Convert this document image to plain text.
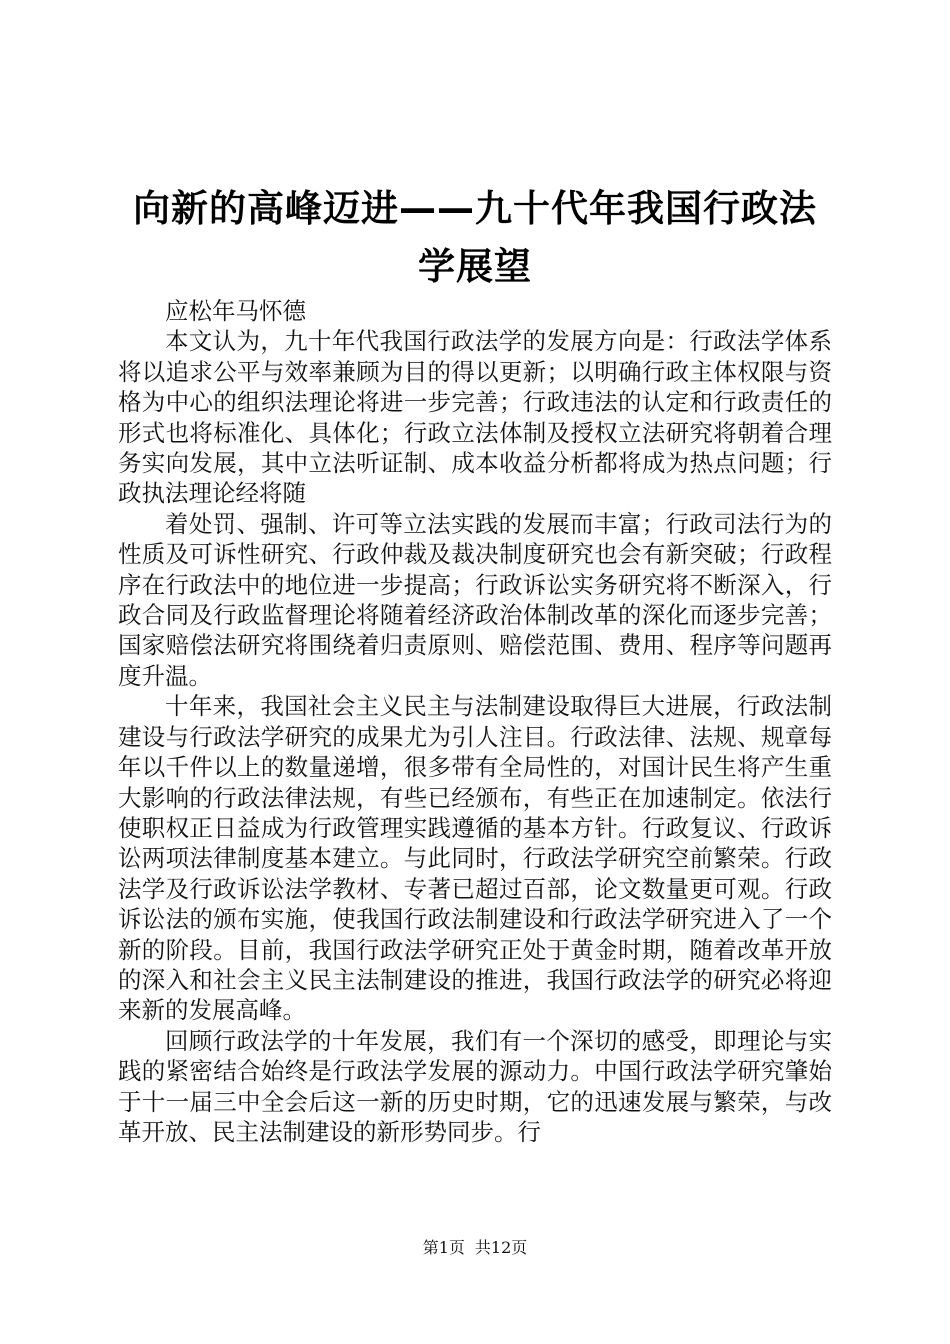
向新的高峰迈进——九十代年我国行政法学展望

应松年马怀德

本文认为，九十年代我国行政法学的发展方向是：行政法学体系将以追求公平与效率兼顾为目的得以更新；以明确行政主体权限与资格为中心的组织法理论将进一步完善；行政违法的认定和行政责任的形式也将标准化、具体化；行政立法体制及授权立法研究将朝着合理务实向发展，其中立法听证制、成本收益分析都将成为热点问题；行政执法理论经将随

着处罚、强制、许可等立法实践的发展而丰富；行政司法行为的性质及可诉性研究、行政仲裁及裁决制度研究也会有新突破；行政程序在行政法中的地位进一步提高；行政诉讼实务研究将不断深入，行政合同及行政监督理论将随着经济政治体制改革的深化而逐步完善；国家赔偿法研究将围绕着归责原则、赔偿范围、费用、程序等问题再度升温。

十年来，我国社会主义民主与法制建设取得巨大进展，行政法制建设与行政法学研究的成果尤为引人注目。行政法律、法规、规章每年以千件以上的数量递增，很多带有全局性的，对国计民生将产生重大影响的行政法律法规，有些已经颁布，有些正在加速制定。依法行使职权正日益成为行政管理实践遵循的基本方针。行政复议、行政诉讼两项法律制度基本建立。与此同时，行政法学研究空前繁荣。行政法学及行政诉讼法学教材、专著已超过百部，论文数量更可观。行政诉讼法的颁布实施，使我国行政法制建设和行政法学研究进入了一个新的阶段。目前，我国行政法学研究正处于黄金时期，随着改革开放的深入和社会主义民主法制建设的推进，我国行政法学的研究必将迎来新的发展高峰。

回顾行政法学的十年发展，我们有一个深切的感受，即理论与实践的紧密结合始终是行政法学发展的源动力。中国行政法学研究肇始于十一届三中全会后这一新的历史时期，它的迅速发展与繁荣，与改革开放、民主法制建设的新形势同步。行

第1页 共12页
